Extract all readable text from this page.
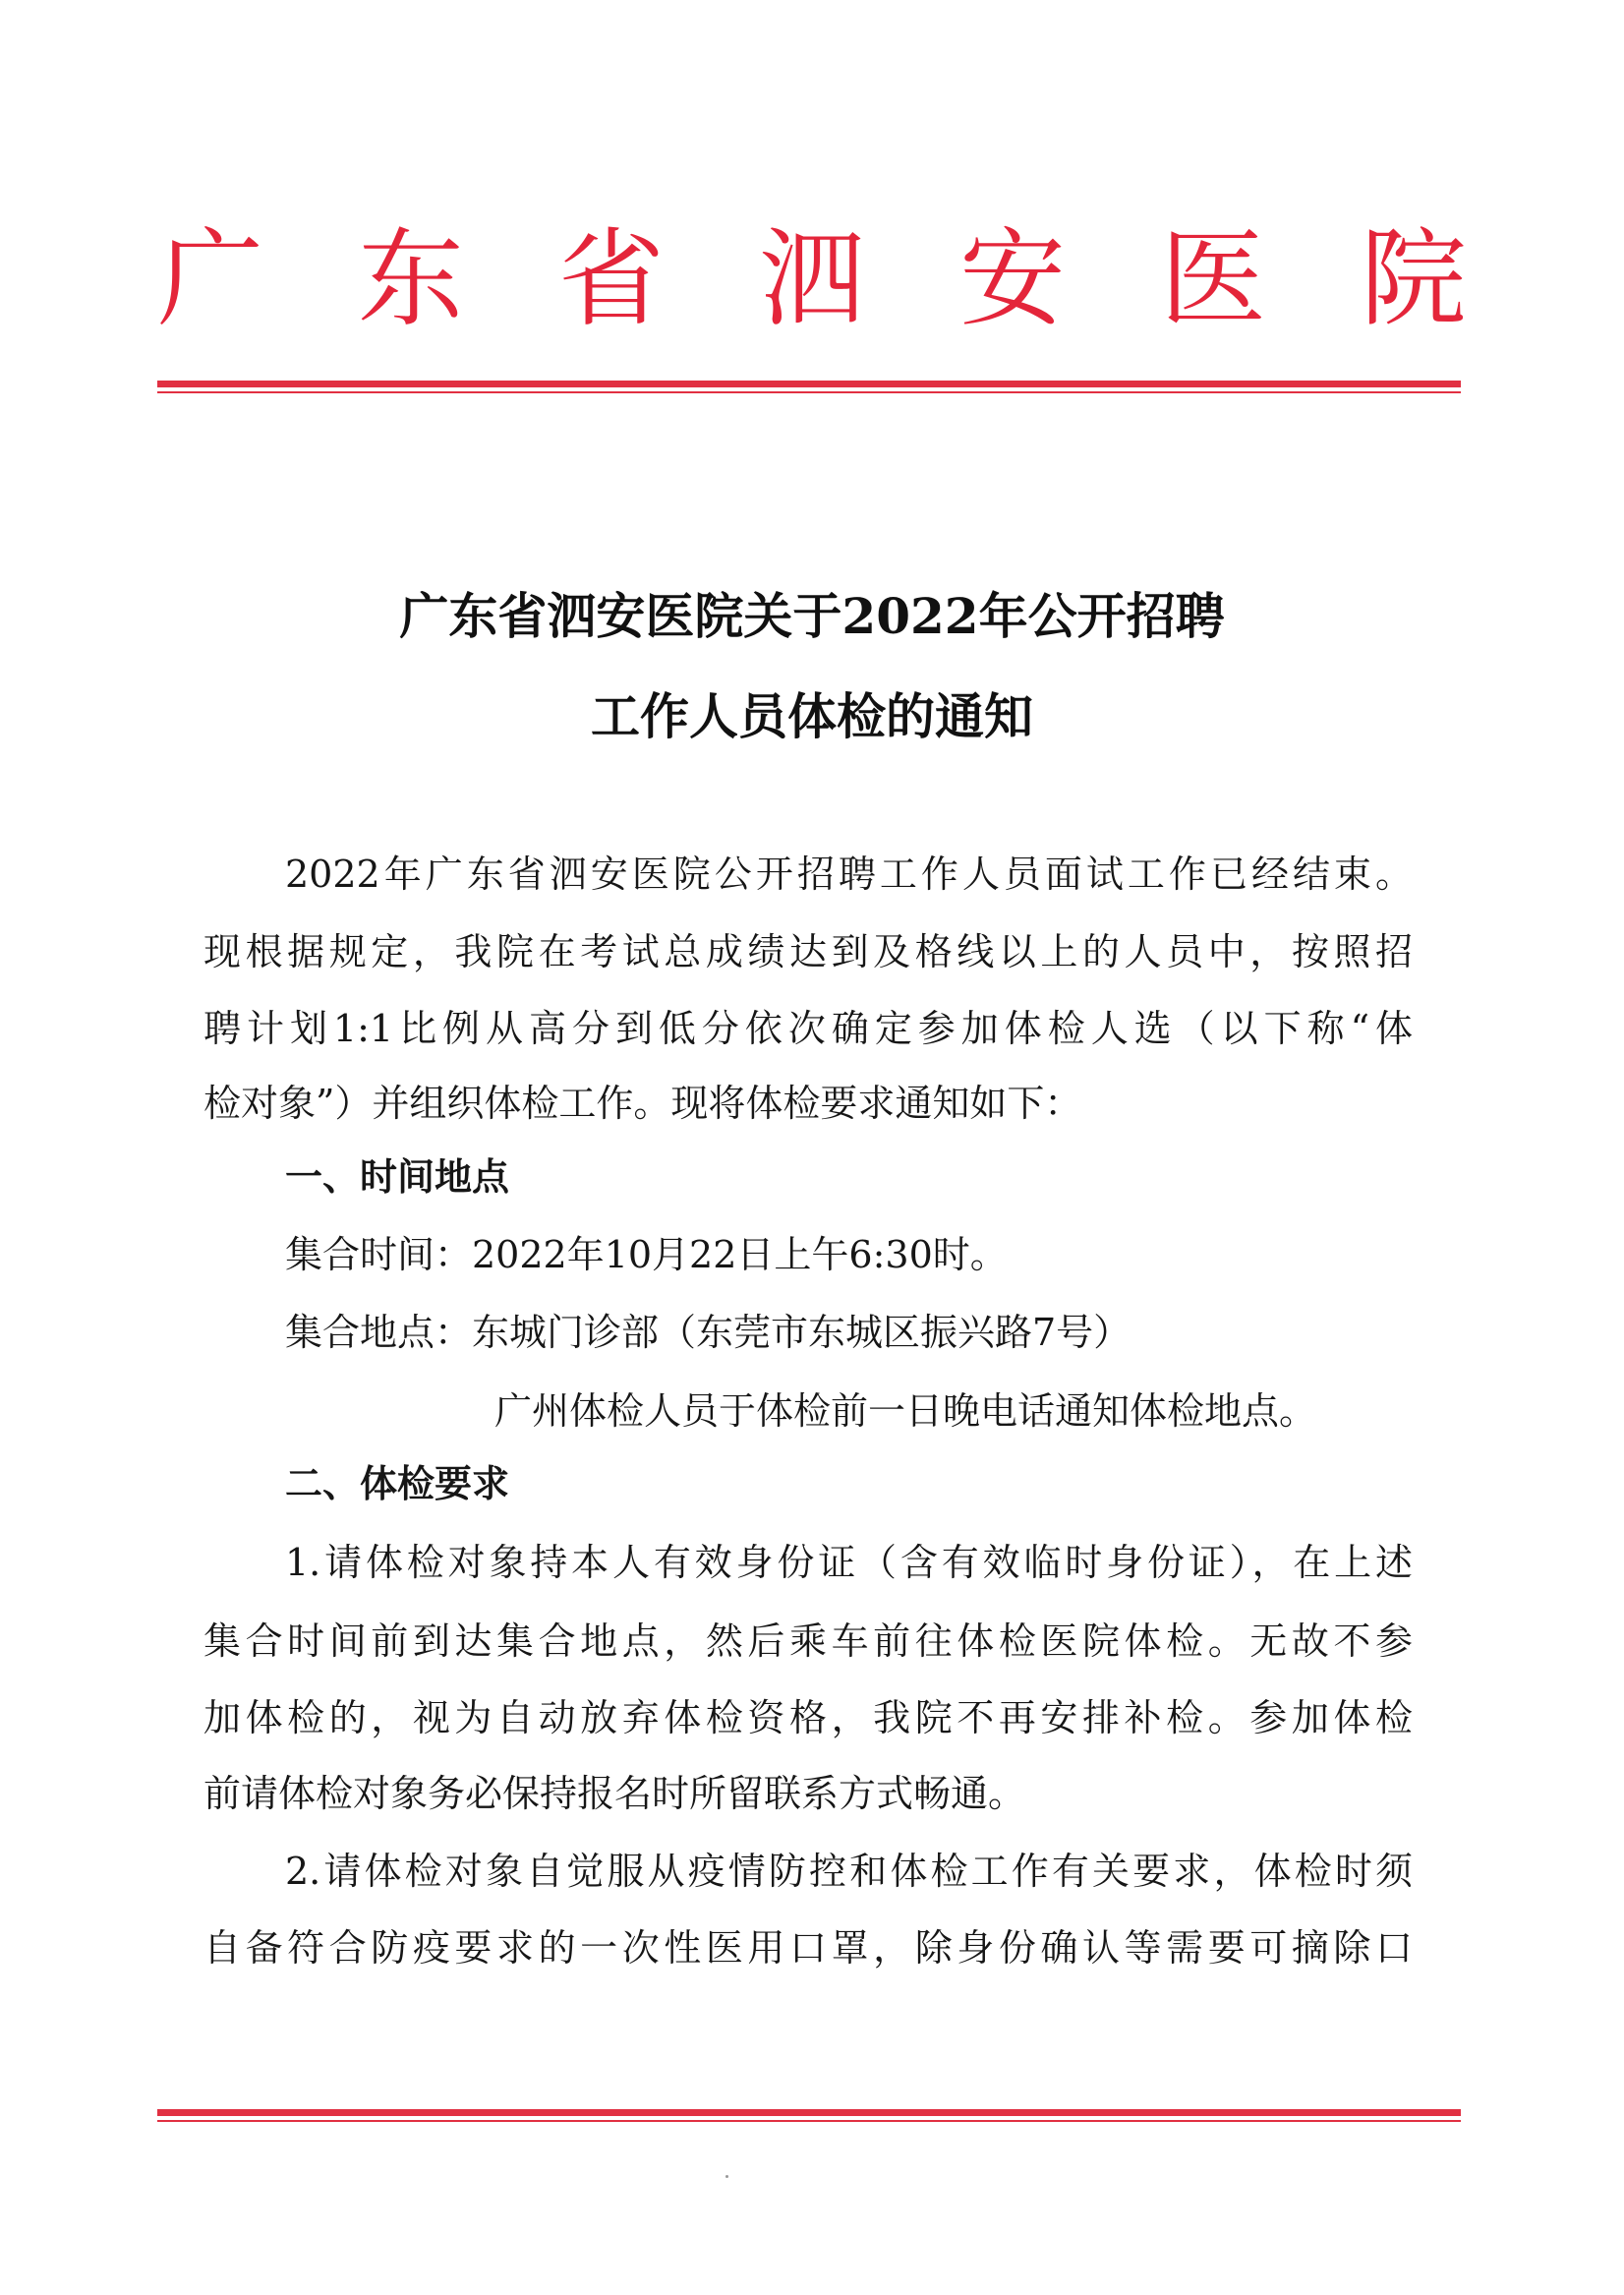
广 东 省 泗 安 医 院
广东省泗安医院关于2022年公开招聘
工作人员体检的通知
2022年广东省泗安医院公开招聘工作人员面试工作已经结束。
现根据规定，我院在考试总成绩达到及格线以上的人员中，按照招
聘计划1:1比例从高分到低分依次确定参加体检人选（以下称“体
检对象”）并组织体检工作。现将体检要求通知如下：
一、时间地点
集合时间：2022年10月22日上午6:30时。
集合地点：东城门诊部（东莞市东城区振兴路7号）
广州体检人员于体检前一日晚电话通知体检地点。
二、体检要求
1.请体检对象持本人有效身份证（含有效临时身份证），在上述
集合时间前到达集合地点，然后乘车前往体检医院体检。无故不参
加体检的，视为自动放弃体检资格，我院不再安排补检。参加体检
前请体检对象务必保持报名时所留联系方式畅通。
2.请体检对象自觉服从疫情防控和体检工作有关要求，体检时须
自备符合防疫要求的一次性医用口罩，除身份确认等需要可摘除口
